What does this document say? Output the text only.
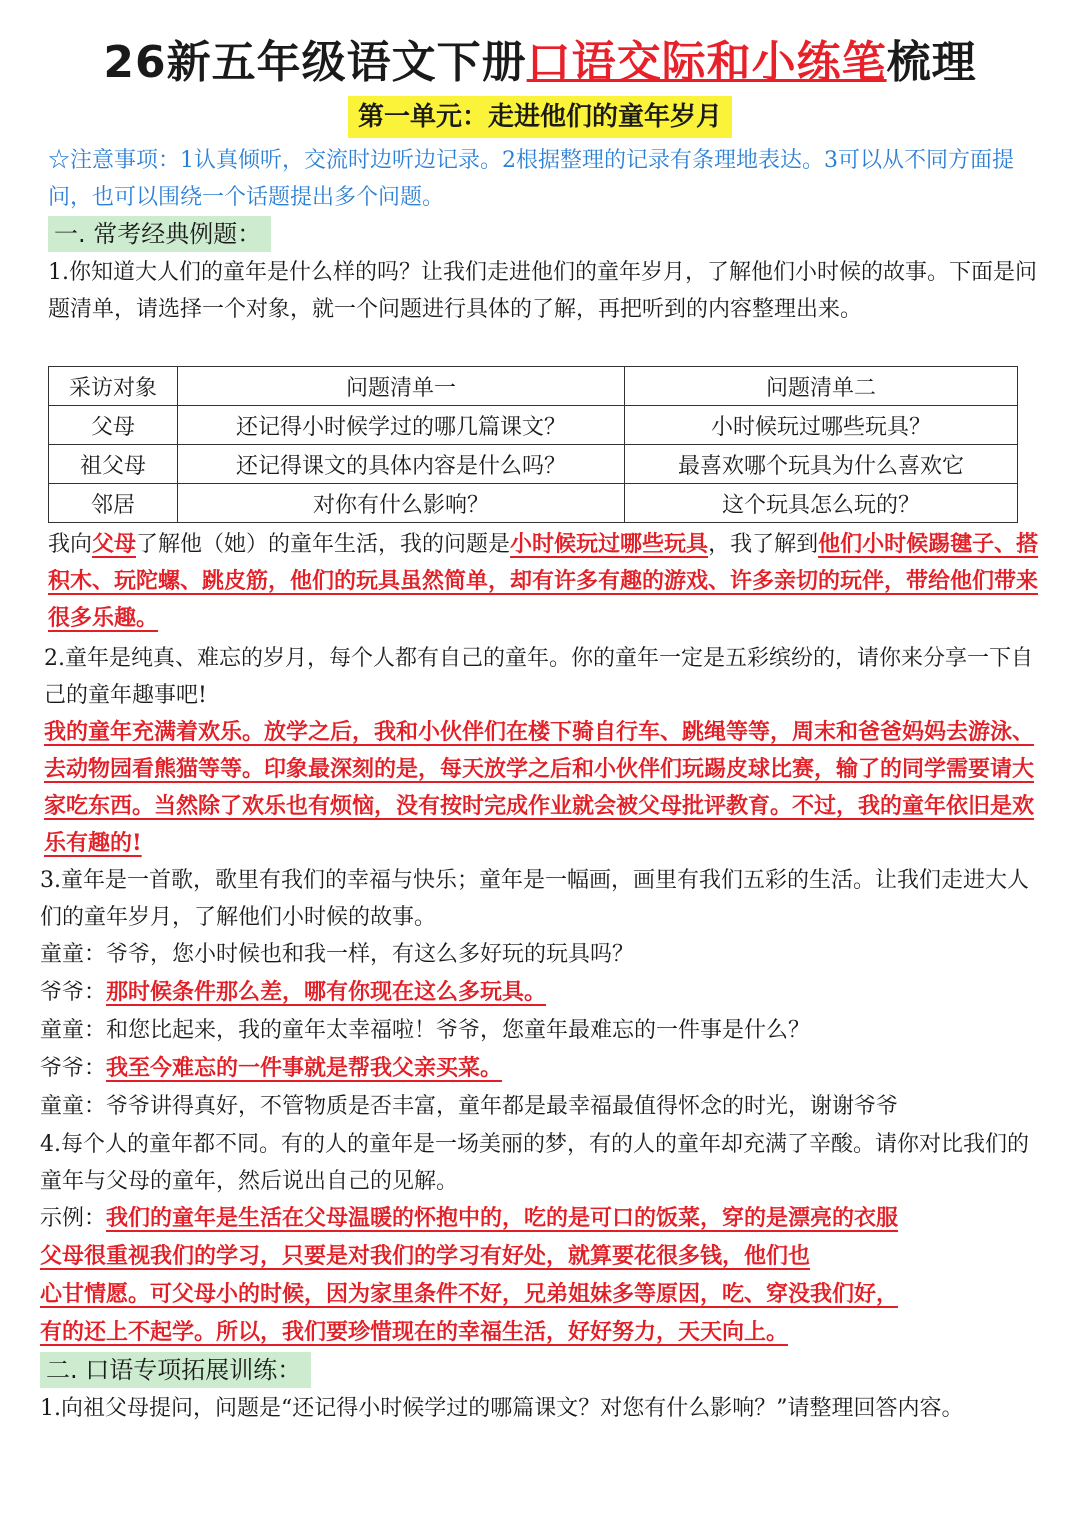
26新五年级语文下册口语交际和小练笔梳理
第一单元：走进他们的童年岁月
☆注意事项：1认真倾听，交流时边听边记录。2根据整理的记录有条理地表达。3可以从不同方面提问，也可以围绕一个话题提出多个问题。
一. 常考经典例题：
1.你知道大人们的童年是什么样的吗？让我们走进他们的童年岁月，了解他们小时候的故事。下面是问题清单，请选择一个对象，就一个问题进行具体的了解，再把听到的内容整理出来。
采访对象	问题清单一	问题清单二
父母	还记得小时候学过的哪几篇课文？	小时候玩过哪些玩具？
祖父母	还记得课文的具体内容是什么吗？	最喜欢哪个玩具为什么喜欢它
邻居	对你有什么影响？	这个玩具怎么玩的？
我向父母了解他（她）的童年生活，我的问题是小时候玩过哪些玩具，我了解到他们小时候踢毽子、搭积木、玩陀螺、跳皮筋，他们的玩具虽然简单，却有许多有趣的游戏、许多亲切的玩伴，带给他们带来很多乐趣。
2.童年是纯真、难忘的岁月，每个人都有自己的童年。你的童年一定是五彩缤纷的，请你来分享一下自己的童年趣事吧!
我的童年充满着欢乐。放学之后，我和小伙伴们在楼下骑自行车、跳绳等等，周末和爸爸妈妈去游泳、去动物园看熊猫等等。印象最深刻的是，每天放学之后和小伙伴们玩踢皮球比赛，输了的同学需要请大家吃东西。当然除了欢乐也有烦恼，没有按时完成作业就会被父母批评教育。不过，我的童年依旧是欢乐有趣的!
3.童年是一首歌，歌里有我们的幸福与快乐；童年是一幅画，画里有我们五彩的生活。让我们走进大人们的童年岁月，了解他们小时候的故事。
童童：爷爷，您小时候也和我一样，有这么多好玩的玩具吗？
爷爷：那时候条件那么差，哪有你现在这么多玩具。
童童：和您比起来，我的童年太幸福啦！爷爷，您童年最难忘的一件事是什么？
爷爷：我至今难忘的一件事就是帮我父亲买菜。
童童：爷爷讲得真好，不管物质是否丰富，童年都是最幸福最值得怀念的时光，谢谢爷爷
4.每个人的童年都不同。有的人的童年是一场美丽的梦，有的人的童年却充满了辛酸。请你对比我们的童年与父母的童年，然后说出自己的见解。
示例：我们的童年是生活在父母温暖的怀抱中的，吃的是可口的饭菜，穿的是漂亮的衣服
父母很重视我们的学习，只要是对我们的学习有好处，就算要花很多钱，他们也
心甘情愿。可父母小的时候，因为家里条件不好，兄弟姐妹多等原因，吃、穿没我们好，
有的还上不起学。所以，我们要珍惜现在的幸福生活，好好努力，天天向上。
二. 口语专项拓展训练：
1.向祖父母提问，问题是“还记得小时候学过的哪篇课文？对您有什么影响？”请整理回答内容。
